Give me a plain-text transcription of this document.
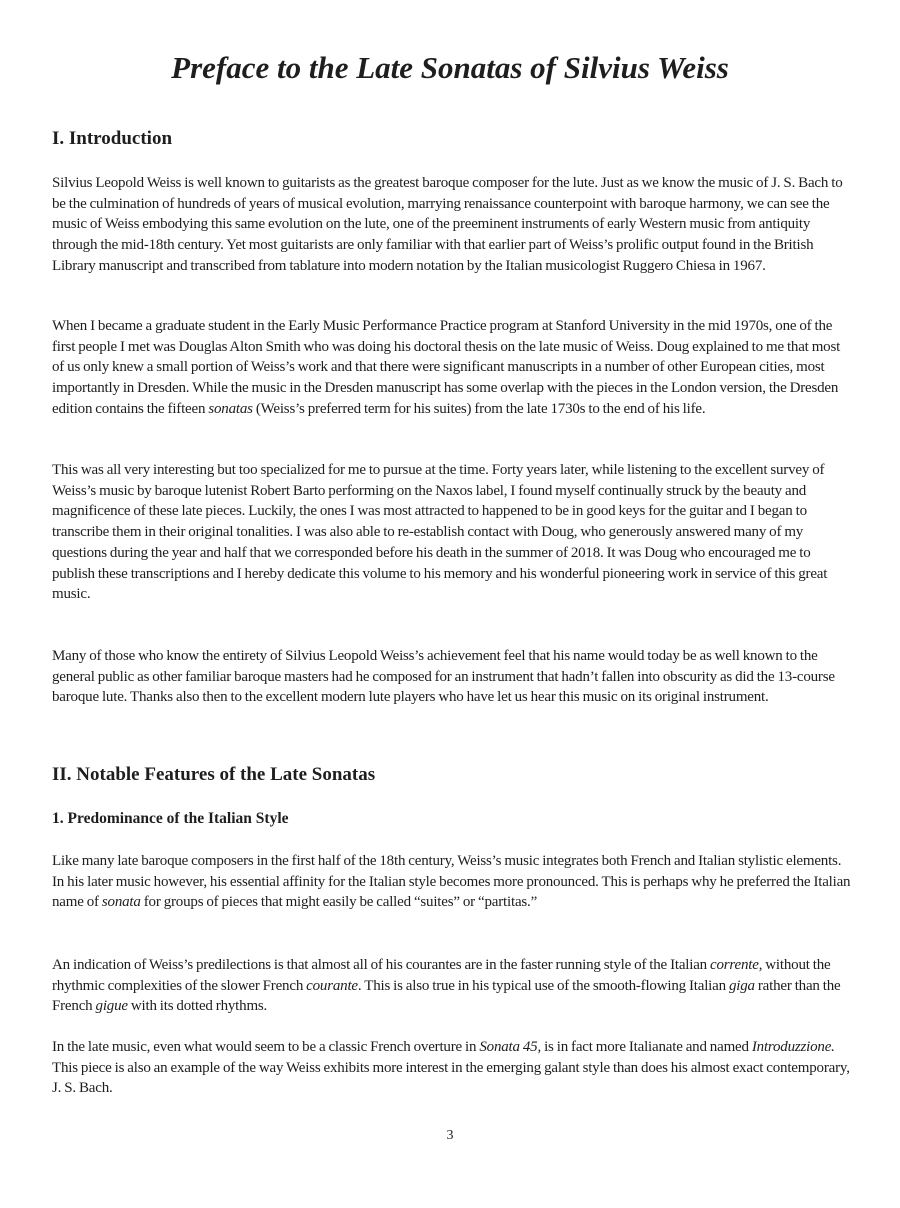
Preface to the Late Sonatas of Silvius Weiss
I. Introduction

Silvius Leopold Weiss is well known to guitarists as the greatest baroque composer for the lute. Just as we know the music of J. S. Bach to be the culmination of hundreds of years of musical evolution, marrying renaissance counterpoint with baroque harmony, we can see the music of Weiss embodying this same evolution on the lute, one of the preeminent instruments of early Western music from antiquity through the mid-18th century. Yet most guitarists are only familiar with that earlier part of Weiss’s prolific output found in the British Library manuscript and transcribed from tablature into modern notation by the Italian musicologist Ruggero Chiesa in 1967.

When I became a graduate student in the Early Music Performance Practice program at Stanford University in the mid 1970s, one of the first people I met was Douglas Alton Smith who was doing his doctoral thesis on the late music of Weiss. Doug explained to me that most of us only knew a small portion of Weiss’s work and that there were significant manuscripts in a number of other European cities, most importantly in Dresden. While the music in the Dresden manuscript has some overlap with the pieces in the London version, the Dresden edition contains the fifteen sonatas (Weiss’s preferred term for his suites) from the late 1730s to the end of his life.

This was all very interesting but too specialized for me to pursue at the time. Forty years later, while listening to the excellent survey of Weiss’s music by baroque lutenist Robert Barto performing on the Naxos label, I found myself continually struck by the beauty and magnificence of these late pieces. Luckily, the ones I was most attracted to happened to be in good keys for the guitar and I began to transcribe them in their original tonalities. I was also able to re-establish contact with Doug, who generously answered many of my questions during the year and half that we corresponded before his death in the summer of 2018. It was Doug who encouraged me to publish these transcriptions and I hereby dedicate this volume to his memory and his wonderful pioneering work in service of this great music.

Many of those who know the entirety of Silvius Leopold Weiss’s achievement feel that his name would today be as well known to the general public as other familiar baroque masters had he composed for an instrument that hadn’t fallen into obscurity as did the 13-course baroque lute. Thanks also then to the excellent modern lute players who have let us hear this music on its original instrument.

II. Notable Features of the Late Sonatas
1. Predominance of the Italian Style

Like many late baroque composers in the first half of the 18th century, Weiss’s music integrates both French and Italian stylistic elements. In his later music however, his essential affinity for the Italian style becomes more pronounced. This is perhaps why he preferred the Italian name of sonata for groups of pieces that might easily be called “suites” or “partitas.”

An indication of Weiss’s predilections is that almost all of his courantes are in the faster running style of the Italian corrente, without the rhythmic complexities of the slower French courante. This is also true in his typical use of the smooth-flowing Italian giga rather than the French gigue with its dotted rhythms.

In the late music, even what would seem to be a classic French overture in Sonata 45, is in fact more Italianate and named Introduzzione. This piece is also an example of the way Weiss exhibits more interest in the emerging galant style than does his almost exact contemporary, J. S. Bach.

3
